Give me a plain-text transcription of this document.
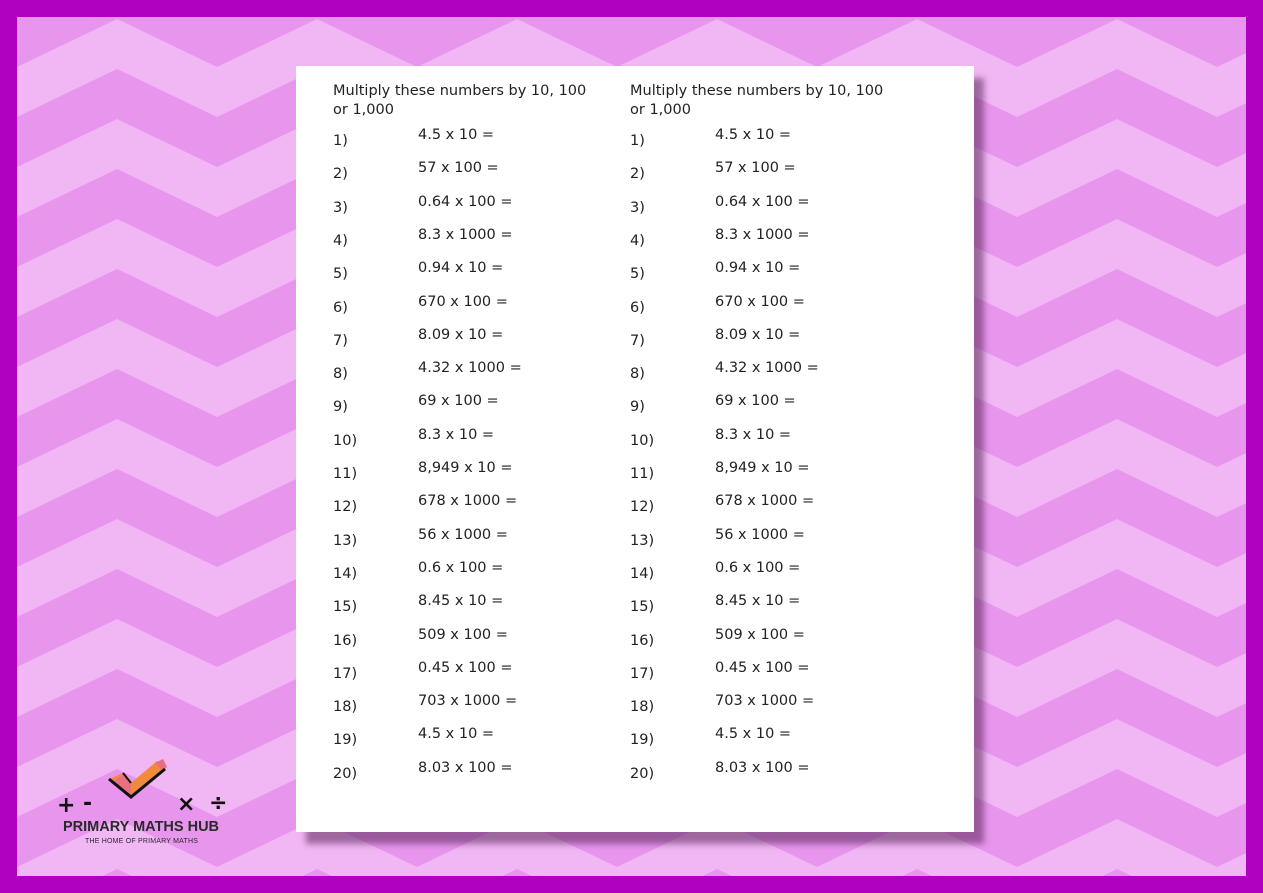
Multiply these numbers by 10, 100
or 1,000
1)	4.5 x 10 =
2)	57 x 100 =
3)	0.64 x 100 =
4)	8.3 x 1000 =
5)	0.94 x 10 =
6)	670 x 100 =
7)	8.09 x 10 =
8)	4.32 x 1000 =
9)	69 x 100 =
10)	8.3 x 10 =
11)	8,949 x 10 =
12)	678 x 1000 =
13)	56 x 1000 =
14)	0.6 x 100 =
15)	8.45 x 10 =
16)	509 x 100 =
17)	0.45 x 100 =
18)	703 x 1000 =
19)	4.5 x 10 =
20)	8.03 x 100 =
Multiply these numbers by 10, 100
or 1,000
1)	4.5 x 10 =
2)	57 x 100 =
3)	0.64 x 100 =
4)	8.3 x 1000 =
5)	0.94 x 10 =
6)	670 x 100 =
7)	8.09 x 10 =
8)	4.32 x 1000 =
9)	69 x 100 =
10)	8.3 x 10 =
11)	8,949 x 10 =
12)	678 x 1000 =
13)	56 x 1000 =
14)	0.6 x 100 =
15)	8.45 x 10 =
16)	509 x 100 =
17)	0.45 x 100 =
18)	703 x 1000 =
19)	4.5 x 10 =
20)	8.03 x 100 =
+ -	× ÷
PRIMARY MATHS HUB
THE HOME OF PRIMARY MATHS
